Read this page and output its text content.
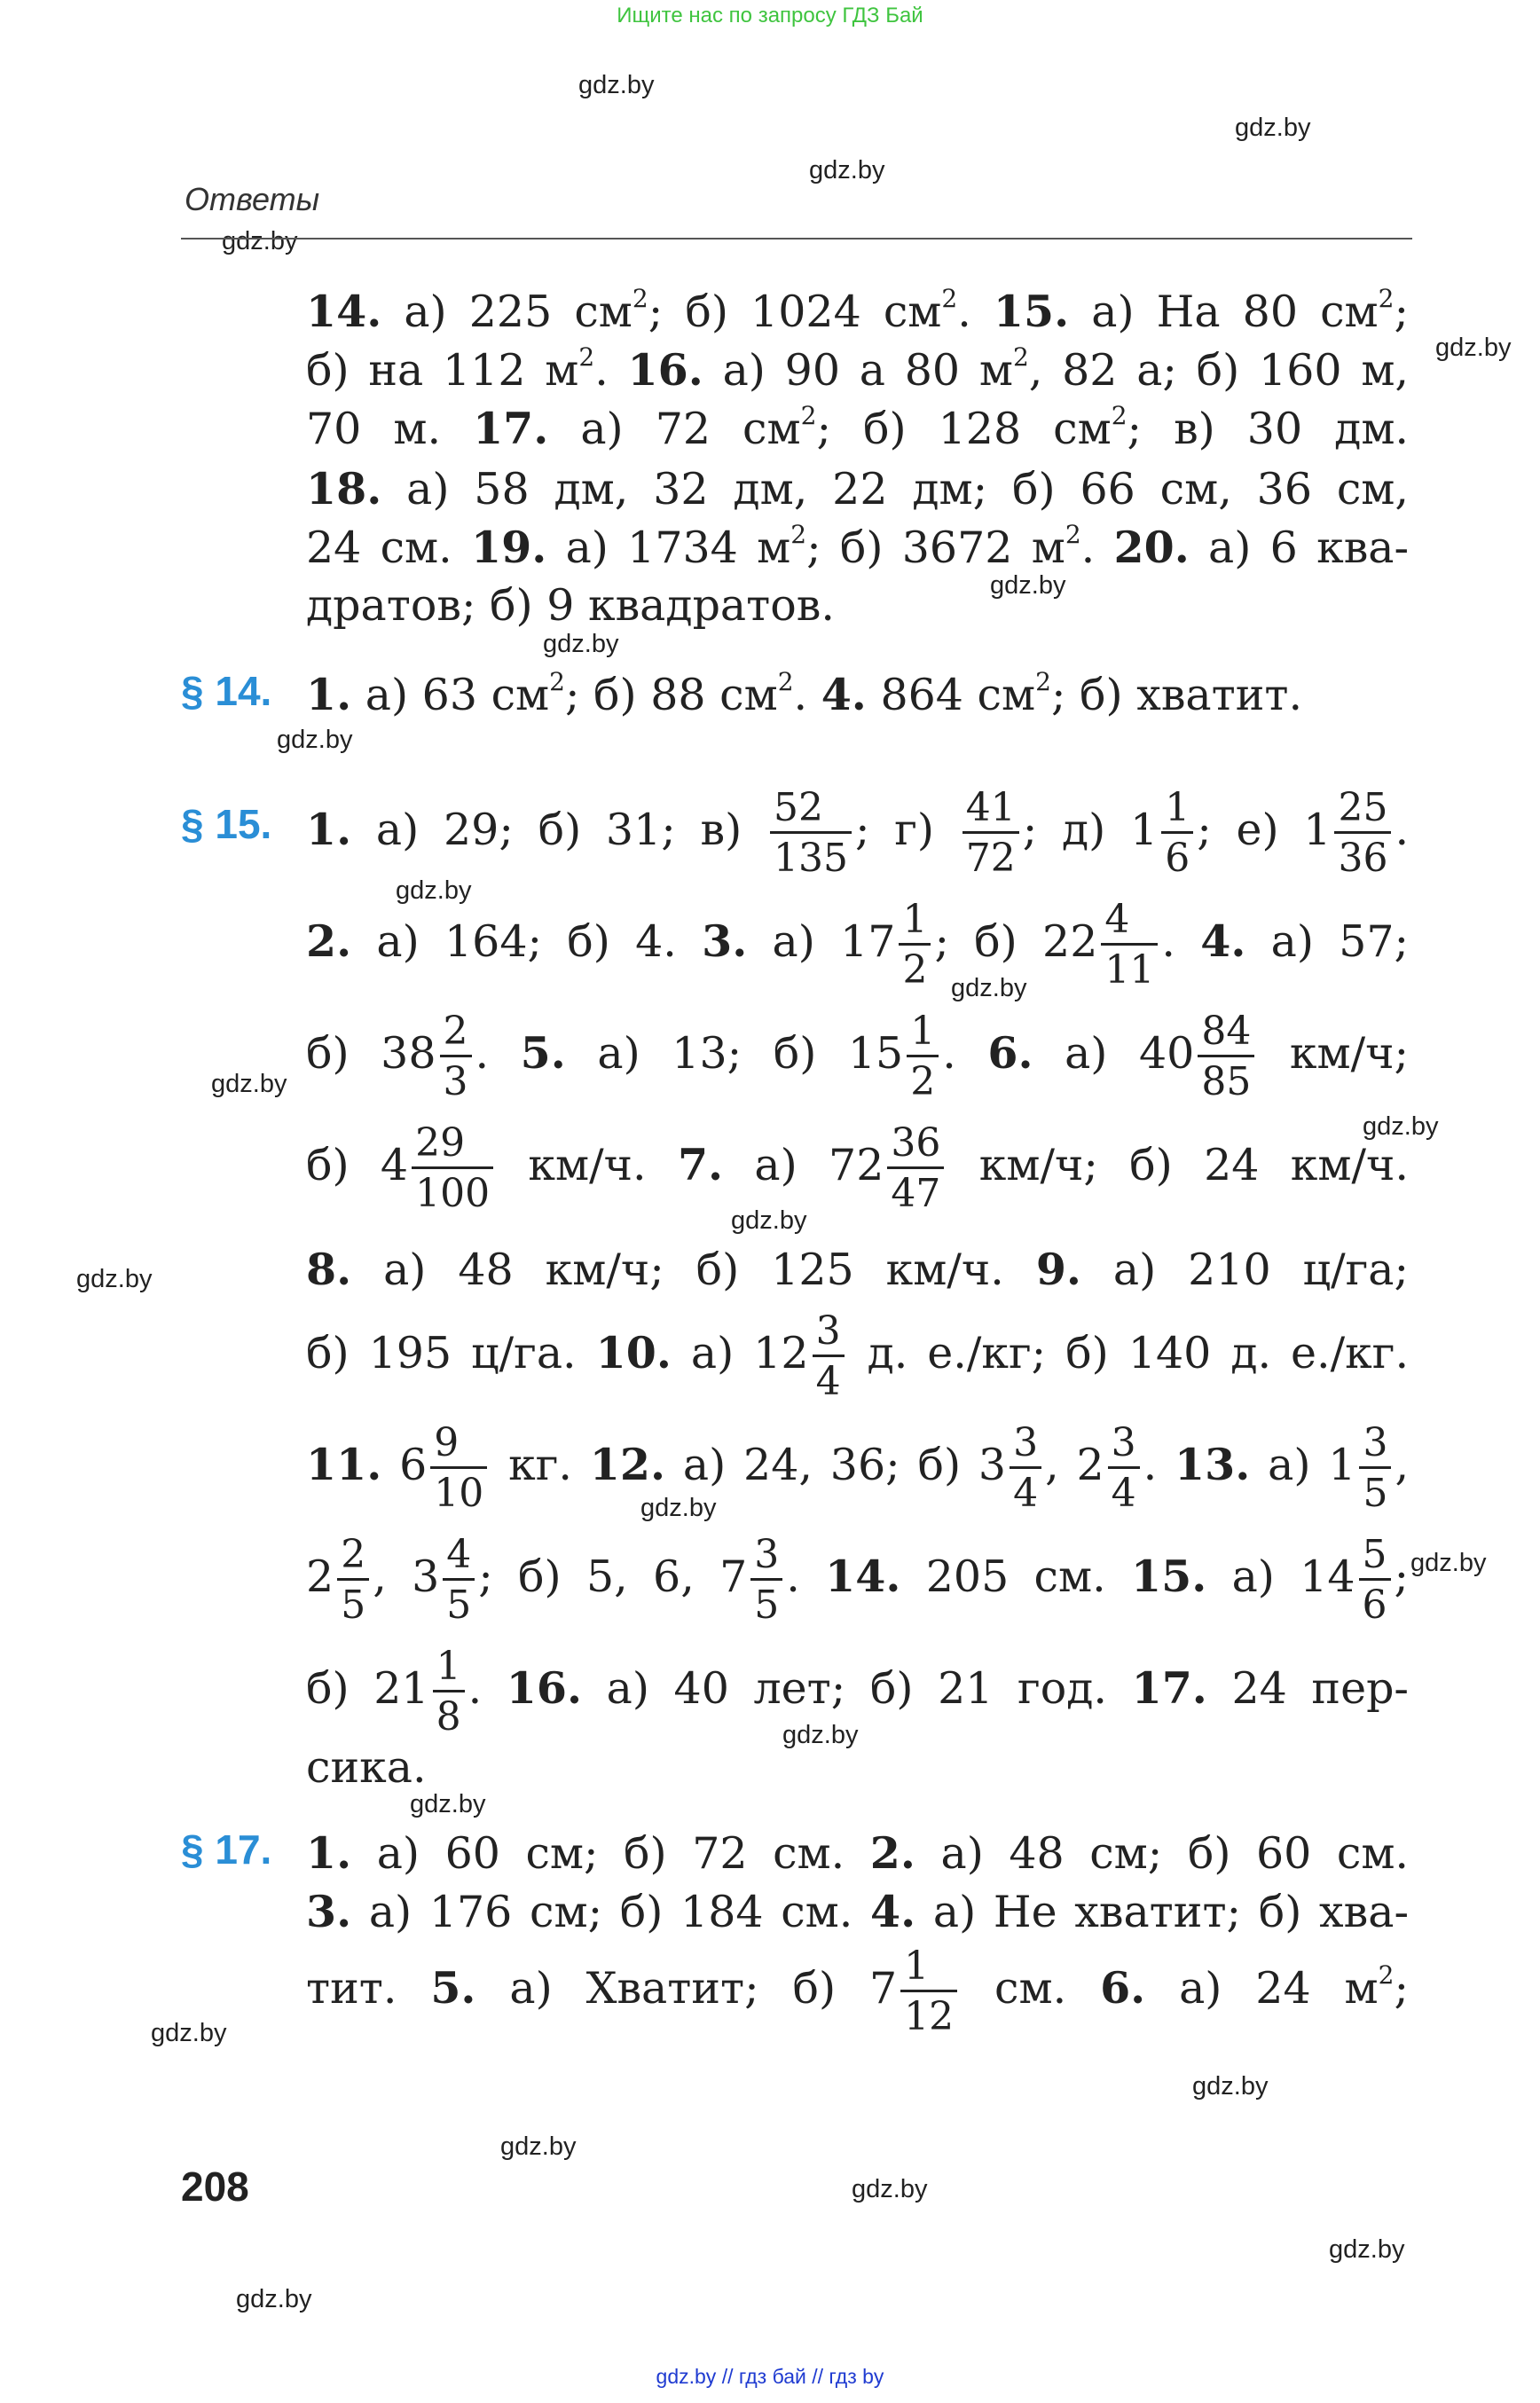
Ищите нас по запросу ГДЗ Бай
gdz.by
gdz.by
gdz.by
gdz.by
gdz.by
gdz.by
gdz.by
gdz.by
gdz.by
gdz.by
gdz.by
gdz.by
gdz.by
gdz.by
gdz.by
gdz.by
gdz.by
gdz.by
gdz.by
gdz.by
gdz.by
gdz.by
gdz.by
gdz.by
Ответы
14. а) 225 $см^2$; б) 1024 $см^2$. 15. а) На 80 $см^2$;
б) на 112 $м^2$. 16. а) 90 а 80 $м^2$, 82 а; б) 160 м,
70 м. 17. а) 72 $см^2$; б) 128 $см^2$; в) 30 дм.
18. а) 58 дм, 32 дм, 22 дм; б) 66 см, 36 см,
24 см. 19. а) 1734 $м^2$; б) 3672 $м^2$. 20. а) 6 ква-
дратов; б) 9 квадратов.
§ 14. 1. а) 63 $см^2$; б) 88 $см^2$. 4. 864 $см^2$; б) хватит.
§ 15. 1. а) 29; б) 31; $в) \frac{52}{135}$ ; $г) \frac{41}{72}$ ; д) $1 \frac{1}{6}$ ; е) $1 \frac{25}{36}$ .
2. а) 164; б) 4. 3. а) $17 \frac{1}{2}$ ; б) $22 \frac{4}{11}$ . 4. а) 57;
б) $38 \frac{2}{3}$ . 5. а) 13; б) $15 \frac{1}{2}$ . 6. а) $40 \frac{84}{85} км/ч$;
б) $4 \frac{29}{100} км/ч$. 7. а) $72 \frac{36}{47} км/ч$; б) 24 км/ч.
8. а) 48 км/ч; б) 125 км/ч. 9. а) 210 ц/га;
б) 195 ц/га. 10. а) $12 \frac{3}{4} д$. е./кг; б) 140 д. е./кг.
11. $6 \frac{9}{10}$ кг. 12. а) 24, 36; б) $3 \frac{3}{4}$ , $2 \frac{3}{4}$ . 13. а) $1 \frac{3}{5}$ ,
$2 \frac{2}{5}$ , $3 \frac{4}{5}$ ; б) 5, 6, $7 \frac{3}{5}$ . 14. 205 см. 15. а) $14 \frac{5}{6}$ ;
б) $21 \frac{1}{8}$ . 16. а) 40 лет; б) 21 год. 17. 24 пер-
сика.
§ 17. 1. а) 60 см; б) 72 см. 2. а) 48 см; б) 60 см.
3. а) 176 см; б) 184 см. 4. а) Не хватит; б) хва-
тит. 5. а) Хватит; б) $7 \frac{1}{12}$ см. 6. а) 24 $м^2$;
208
gdz.by // гдз бай // гдз by
